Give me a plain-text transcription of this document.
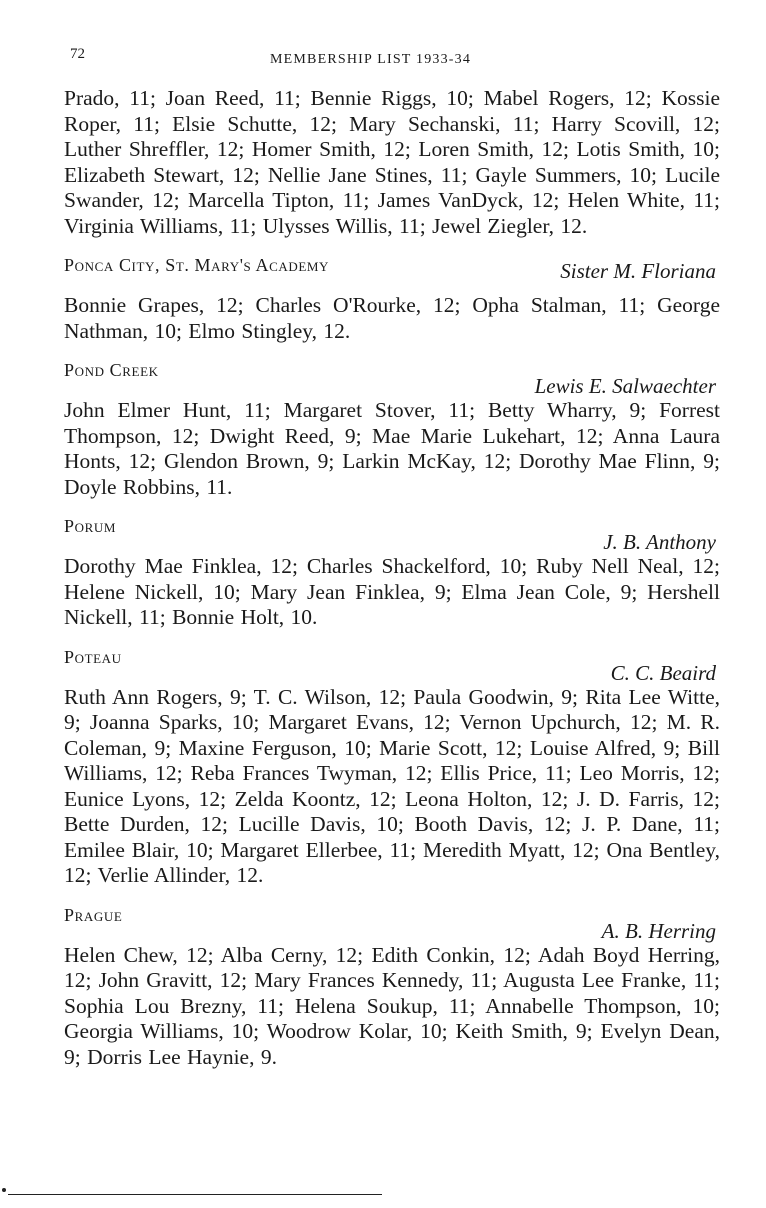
72	MEMBERSHIP LIST 1933-34

Prado, 11; Joan Reed, 11; Bennie Riggs, 10; Mabel Rogers, 12; Kossie Roper, 11; Elsie Schutte, 12; Mary Sechanski, 11; Harry Scovill, 12; Luther Shreffler, 12; Homer Smith, 12; Loren Smith, 12; Lotis Smith, 10; Elizabeth Stewart, 12; Nellie Jane Stines, 11; Gayle Summers, 10; Lucile Swander, 12; Marcella Tipton, 11; James VanDyck, 12; Helen White, 11; Virginia Williams, 11; Ulysses Willis, 11; Jewel Ziegler, 12.

Ponca City, St. Mary's Academy	Sister M. Floriana

Bonnie Grapes, 12; Charles O'Rourke, 12; Opha Stalman, 11; George Nathman, 10; Elmo Stingley, 12.

Pond Creek
Lewis E. Salwaechter

John Elmer Hunt, 11; Margaret Stover, 11; Betty Wharry, 9; Forrest Thompson, 12; Dwight Reed, 9; Mae Marie Lukehart, 12; Anna Laura Honts, 12; Glendon Brown, 9; Larkin McKay, 12; Dorothy Mae Flinn, 9; Doyle Robbins, 11.

Porum
J. B. Anthony

Dorothy Mae Finklea, 12; Charles Shackelford, 10; Ruby Nell Neal, 12; Helene Nickell, 10; Mary Jean Finklea, 9; Elma Jean Cole, 9; Hershell Nickell, 11; Bonnie Holt, 10.

Poteau
C. C. Beaird

Ruth Ann Rogers, 9; T. C. Wilson, 12; Paula Goodwin, 9; Rita Lee Witte, 9; Joanna Sparks, 10; Margaret Evans, 12; Vernon Upchurch, 12; M. R. Coleman, 9; Maxine Ferguson, 10; Marie Scott, 12; Louise Alfred, 9; Bill Williams, 12; Reba Frances Twyman, 12; Ellis Price, 11; Leo Morris, 12; Eunice Lyons, 12; Zelda Koontz, 12; Leona Holton, 12; J. D. Farris, 12; Bette Durden, 12; Lucille Davis, 10; Booth Davis, 12; J. P. Dane, 11; Emilee Blair, 10; Margaret Ellerbee, 11; Meredith Myatt, 12; Ona Bentley, 12; Verlie Allinder, 12.

Prague
A. B. Herring

Helen Chew, 12; Alba Cerny, 12; Edith Conkin, 12; Adah Boyd Herring, 12; John Gravitt, 12; Mary Frances Kennedy, 11; Augusta Lee Franke, 11; Sophia Lou Brezny, 11; Helena Soukup, 11; Annabelle Thompson, 10; Georgia Williams, 10; Woodrow Kolar, 10; Keith Smith, 9; Evelyn Dean, 9; Dorris Lee Haynie, 9.
